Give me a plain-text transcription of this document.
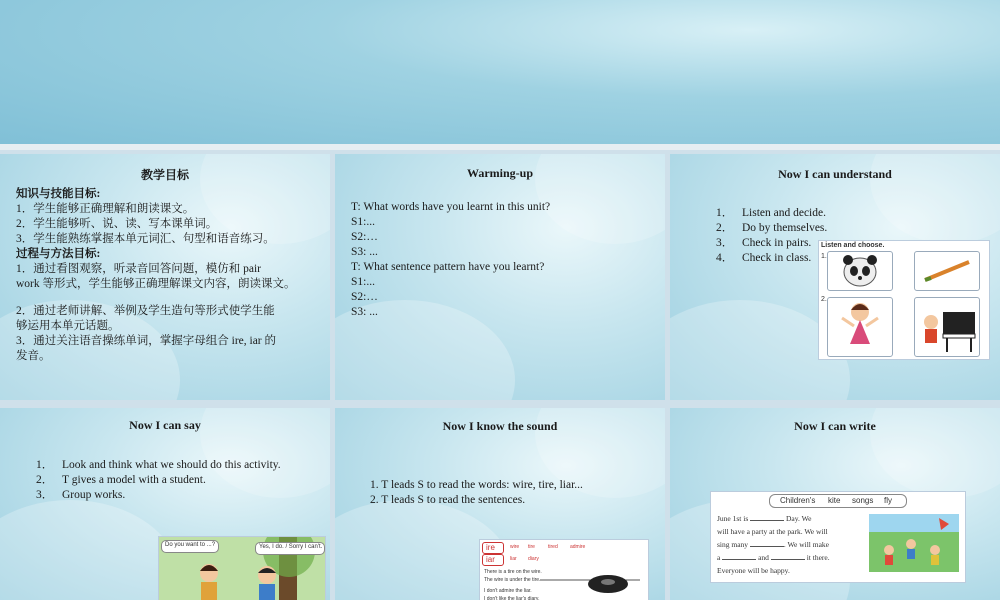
教学目标

知识与技能目标:

1．学生能够正确理解和朗读课文。

2．学生能够听、说、读、写本课单词。

3．学生能熟练掌握本单元词汇、句型和语音练习。

过程与方法目标:

1．通过看图观察，听录音回答问题，模仿和 pair

work 等形式，学生能够正确理解课文内容，朗读课文。

2．通过老师讲解、举例及学生造句等形式使学生能

够运用本单元话题。

3．通过关注语音操练单词，掌握字母组合 ire, iar 的

发音。

Warming-up

T: What words have you learnt in this unit?

S1:...

S2:…

S3: ...

T: What sentence pattern have you learnt?

S1:...

S2:…

S3: ...

Now I can understand
1． Listen and decide.
2． Do by themselves.
3． Check in pairs.
4． Check in class.
Listen and choose.
1.
2.
Now I can say
1． Look and think what we should do this activity.
2． T gives a model with a student.
3． Group works.
Do you want to ...?	Yes, I do. / Sorry I can't.
Now I know the sound

1. T leads S to read the words: wire, tire, liar...

2. T leads S to read the sentences.

ire	wire tire	tired admire
iar	liar diary
There is a tire on the wire.
The wire is under the tire.
I don't admire the liar.
I don't like the liar's diary.
Now I can write
Children's kite songs fly
June 1st is	Day. We
will have a party at the park. We will
sing many	. We will make
a	and	it there.
Everyone will be happy.
